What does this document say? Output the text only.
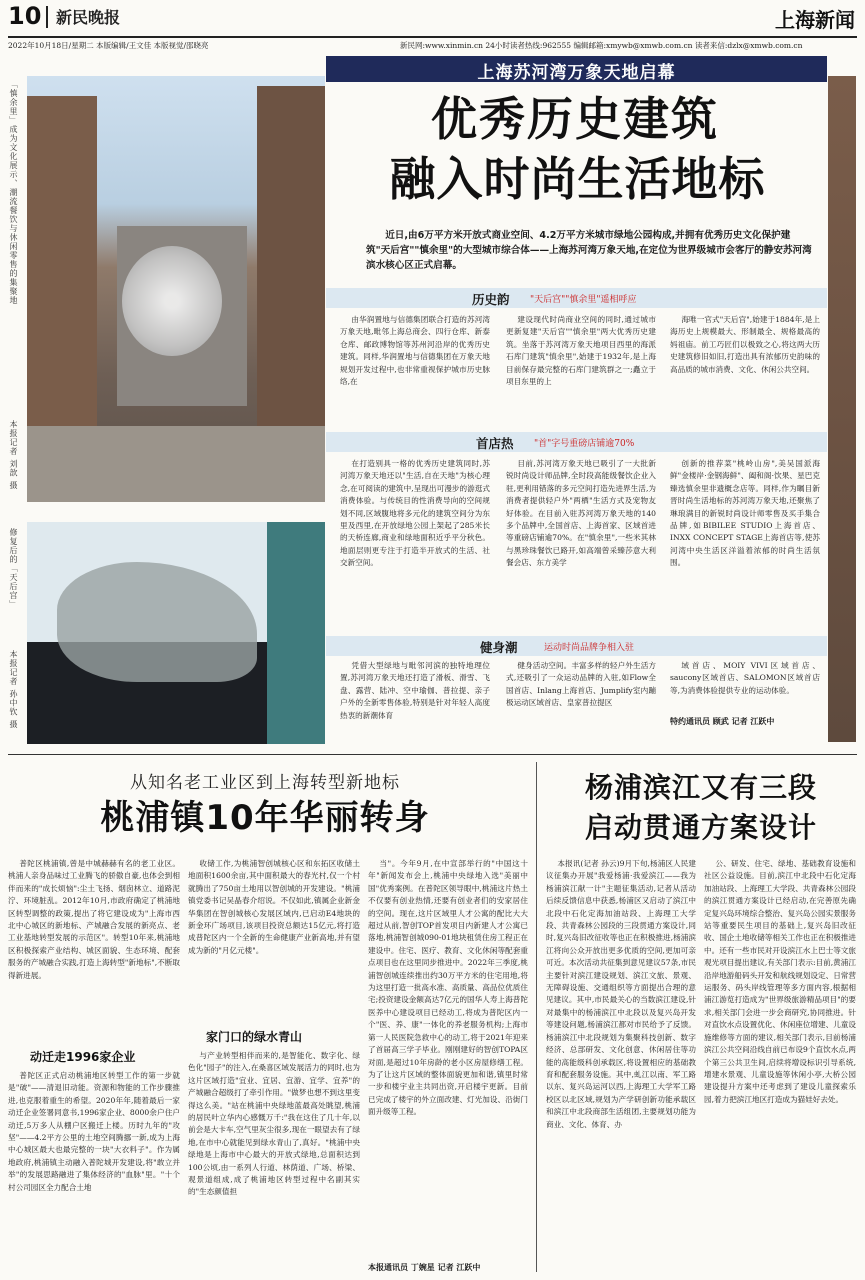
10 新民晚报	上海新闻
2022年10月18日/星期二 本版编辑/王文佳 本版视觉/邵晓亮	新民网:www.xinmin.cn 24小时读者热线:962555 编辑邮箱:xmywb@xmwb.com.cn 读者来信:dzlx@xmwb.com.cn
「慎余里」成为文化展示、潮流餐饮与休闲零售的集聚地
本报记者 刘歆 摄
修复后的「天后宫」
本报记者 孙中钦 摄
上海苏河湾万象天地启幕
优秀历史建筑
融入时尚生活地标
近日,由6万平方米开放式商业空间、4.2万平方米城市绿地公园构成,并拥有优秀历史文化保护建筑"天后宫""慎余里"的大型城市综合体——上海苏河湾万象天地,在定位为世界级城市会客厅的静安苏河湾滨水核心区正式启幕。
历史韵 "天后宫""慎余里"遥相呼应
由华润置地与信德集团联合打造的苏河湾万象天地,毗邻上海总商会、四行仓库、新泰仓库、邮政博物馆等苏州河沿岸的优秀历史建筑。同样,华润置地与信德集团在万象天地规划开发过程中,也非常重视保护城市历史脉络,在
建设现代时尚商业空间的同时,通过城市更新复建"天后宫""慎余里"两大优秀历史建筑。坐落于苏河湾万象天地项目西里的海派石库门建筑"慎余里",始建于1932年,是上海目前保存最完整的石库门建筑群之一;矗立于项目东里的上
海唯一官式"天后宫",始建于1884年,是上海历史上规模最大、形制最全、规格最高的妈祖庙。前工巧匠们以极致之心,将这两大历史建筑修旧如旧,打造出具有浓郁历史韵味的高品质的城市消费、文化、休闲公共空间。
首店热 "首"字号重磅店铺逾70%
在打造别具一格的优秀历史建筑同时,苏河湾万象天地还以"生活,自在天地"为核心理念,在可阅读的建筑中,呈现出可漫步的游逛式消费体验。与传统目的性消费导向的空间规划不同,区域腹地将多元化的建筑空间分为东里及西里,在开放绿地公园上架起了285米长的天桥连廊,商业和绿地面积近乎平分秋色。地面层则更专注于打造半开放式的生活、社交新空间。
目前,苏河湾万象天地已吸引了一大批新锐时尚设计师品牌,全时段高能级餐饮企业入驻,更利用错落的多元空间打造先进界生活,为消费者提供轻户外"两栖"生活方式及宠物友好体验。在目前入驻苏河湾万象天地的140多个品牌中,全国首店、上海首家、区域首进等重磅店铺逾70%。在"慎余里",一些米其林与黑珍珠餐饮已路开,如高端曾采臻莎意大利餐会店、东方美学
创新的推荐菜"桃岭山房",美吴国派海鲜"金楼岸·金钢海鲜"、阖和阁·饮果、星巴克臻选慎余里非遗概念店等。同样,作为瞩目新晋时尚生活地标的苏河湾万象天地,还聚焦了琳琅满目的新锐时尚设计师零售及买手集合品牌,如BIBILEE STUDIO上海首店、INXX CONCEPT STAGE上海首店等,使苏河湾中央生活区洋溢着浓郁的时尚生活氛围。
健身潮	运动时尚品牌争相入驻
凭借大型绿地与毗邻河滨的独特地理位置,苏河湾万象天地还打造了滑板、滑雪、飞盘、露营、陆冲、空中瑜伽、普拉提、亲子户外的全新零售体验,特别是针对年轻人高度热衷的新潮体育
健身活动空间。丰富多样的轻户外生活方式,还吸引了一众运动品牌的入驻,如Flow全国首店、Inlang上海首店、Jumplify室内蹦极运动区域首店、皇家普拉提区
域首店、MOIY VIVI区域首店、saucony区域首店、SALOMON区域首店等,为消费体验提供专业的运动体验。
特约通讯员 顾武 记者 江跃中
从知名老工业区到上海转型新地标
桃浦镇10年华丽转身
普陀区桃浦镇,曾是中城赫赫有名的老工业区。桃浦人亲身品味过工业腾飞的骄傲自豪,也体会到相伴而来的"成长烦恼":尘土飞扬、烟囱林立、道路泥泞、环境脏乱。2012年10月,市政府确定了桃浦地区转型调整的政策,提出了将它建设成为"上海市西北中心城区的新地标、产城融合发展的新亮点、老工业基地转型发展的示范区"。转型10年来,桃浦地区积极探索产业结构、城区面貌、生态环境、配套服务的产城融合实践,打造上海转型"新地标",不断取得新进展。
动迁走1996家企业
普陀区正式启动桃浦地区转型工作的第一步就是"破"——清退旧动能。资源和物能的工作步骤推进,也克服着重生的希望。2020年年,随着最后一家动迁企业签署同意书,1996家企业、8000余户住户动迁,5万多人从棚户区搬迁上楼。历时九年的"攻坚"——4.2平方公里的土地空间腾挪一新,成为上海中心城区最大也最完整的一块"大衣料子"。作为属地政府,桃浦镇主动融入普陀城开发建设,将"敢立并举"的发展思路融进了集体经济的"血脉"里。"十个村公司园区全力配合土地
收储工作,为桃浦智创城核心区和东拓区收储土地面积1600余亩,其中面积最大的春光村,仅一个村就腾出了750亩土地用以智创城的开发建设。"桃浦镇党委书记吴晶春介绍说。不仅如此,镇属企业新金华集团在智创城核心发展区域内,已启动E4地块的新金环广场项目,该项目投资总额达15亿元,将打造成普陀区内一个全新的生命健康产业新高地,并有望成为新的"月亿元楼"。
家门口的绿水青山
与产业转型相伴而来的,是智能化、数字化、绿色化"园子"的注入,在桑喜区域发展活力的同时,也为这片区域打造"宜业、宜居、宜游、宜学、宜养"的产城融合超级打了牵引作用。"做梦也想不到这里变得这么美。"站在桃浦中央绿地蓝最高处眺望,桃浦的居民叶立华内心感慨万千:"我在这住了几十年,以前会是大卡车,空气里灰尘很多,现在一眼望去有了绿地,在市中心就能见到绿水青山了,真好。"桃浦中央绿地是上海市中心最大的开放式绿地,总面积达到100公顷,由一系列人行道、林荫道、广场、桥梁、观景道组成,成了桃浦地区转型过程中名副其实的"生态颜值担
当"。今年9月,在中宣部举行的"中国这十年"新闻发布会上,桃浦中央绿地入选"美丽中国"优秀案例。在普陀区领导眼中,桃浦这片热土不仅要有创业热情,还要有创业者们的安家居住的空间。现在,这片区域里人才公寓的配比大大超过从前,智创TOP首发项目内新建人才公寓已落地,桃浦智创城090-01地块租赁住房工程正在建设中。住宅、医疗、教育、文化休闲等配套重点项目也在这里同步推进中。2022年三季度,桃浦智创城连续推出约30万平方米的住宅用地,将为这里打造一批高水准、高质量、高品位优质住宅;投资建设金额高达7亿元的国华人寿上海普陀医养中心建设项目已经动工,将成为普陀区内一个"医、养、康"一体化的养老服务机构;上海市第一人民医院急救中心的动工,将于2021年迎来了首届高三学子毕业。刚刚建好的智创TOPA区对面,是超过10年房龄的老小区房屋修缮工程。为了让这片区域的整体面貌更加和谐,镇里时常一步和楼宇业主共同出资,开启楼宇更新。目前已完成了楼宇的外立面改建、灯光加设、沿街门面升级等工程。
本报通讯员 丁婉星 记者 江跃中
杨浦滨江又有三段
启动贯通方案设计
本报讯(记者 孙云)9月下旬,杨浦区人民建议征集办开展"我爱杨浦·我爱滨江——我为杨浦滨江献一计"主题征集活动,记者从活动后续反馈信息中获悉,杨浦区又启动了滨江中北段中石化定海加油站段、上海理工大学段、共青森林公园段的三段贯通方案设计,同时,复兴岛旧改征收等也正在积极推进,杨浦滨江将向公众开放出更多优质的空间,更加可亲可近。本次活动共征集到意见建议57条,市民主要针对滨江建设规划、滨江文旅、景观、无障碍设施、交通组织等方面提出合理的意见建议。其中,市民最关心的当数滨江建设,针对最集中的杨浦滨江中北段以及复兴岛开发等建设问题,杨浦滨江都对市民给予了反馈。杨浦滨江中北段规划为集聚科技创新、数字经济、总部研发、文化创意、休闲居住等功能的高能级科创承载区,将设置相应的基础教育和配套服务设施。其中,虬江以南、军工路以东、复兴岛运河以西,上海理工大学军工路校区以北区域,规划为产学研创新功能承载区和滨江中北段商部生活组团,主要规划功能为商业、文化、体育、办
公、研发、住宅、绿地、基础教育设施和社区公益设施。目前,滨江中北段中石化定海加油站段、上海理工大学段、共青森林公园段的滨江贯通方案设计已经启动,在完善原先确定复兴岛环境综合整治、复兴岛公园实景服务站等重要民生项目的基础上,复兴岛旧改征收、国企土地收储等相关工作也正在积极推进中。还有一些市民对开设滨江水上巴士等文旅观光项目提出建议,有关部门表示:目前,黄浦江沿岸地游船码头开发和航线规划设定、日常营运服务、码头岸线管理等多方面内容,根据相浦江游览打造成为"世界级旅游精品项目"的要求,相关部门会进一步会商研究,协同推进。针对直饮水点设置优化、休闲座位增建、儿童设施维修等方面的建议,相关部门表示,目前杨浦滨江公共空间沿线自前已布设9个直饮水点,两个第三公共卫生间,启续将增设标识引导系统,增建水景观、儿童设施等休闲小亭,大桥公园建设提升方案中还考虑到了建设儿童探索乐园,着力把滨江地区打造成为猫娃好去处。
